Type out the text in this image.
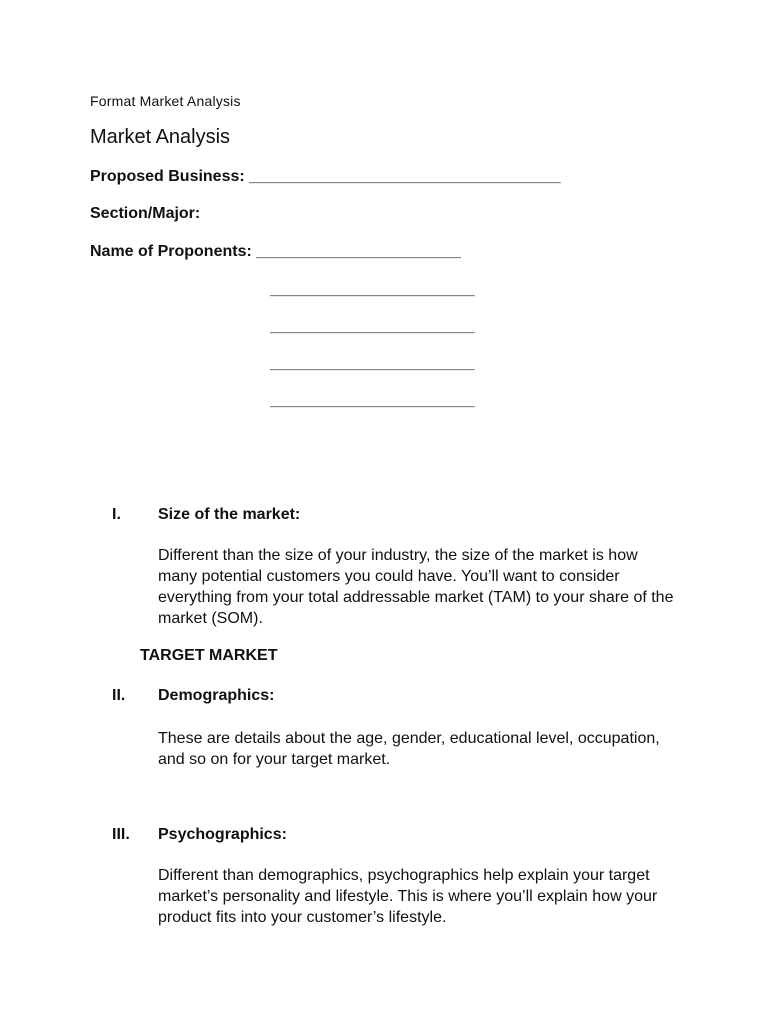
Format Market Analysis
Market Analysis
Proposed Business: ___________________________________
Section/Major:
Name of Proponents: _______________________
_______________________
_______________________
_______________________
_______________________
I. Size of the market:
Different than the size of your industry, the size of the market is how many potential customers you could have. You’ll want to consider everything from your total addressable market (TAM) to your share of the market (SOM).
TARGET MARKET
II. Demographics:
These are details about the age, gender, educational level, occupation, and so on for your target market.
III. Psychographics:
Different than demographics, psychographics help explain your target market’s personality and lifestyle. This is where you’ll explain how your product fits into your customer’s lifestyle.
